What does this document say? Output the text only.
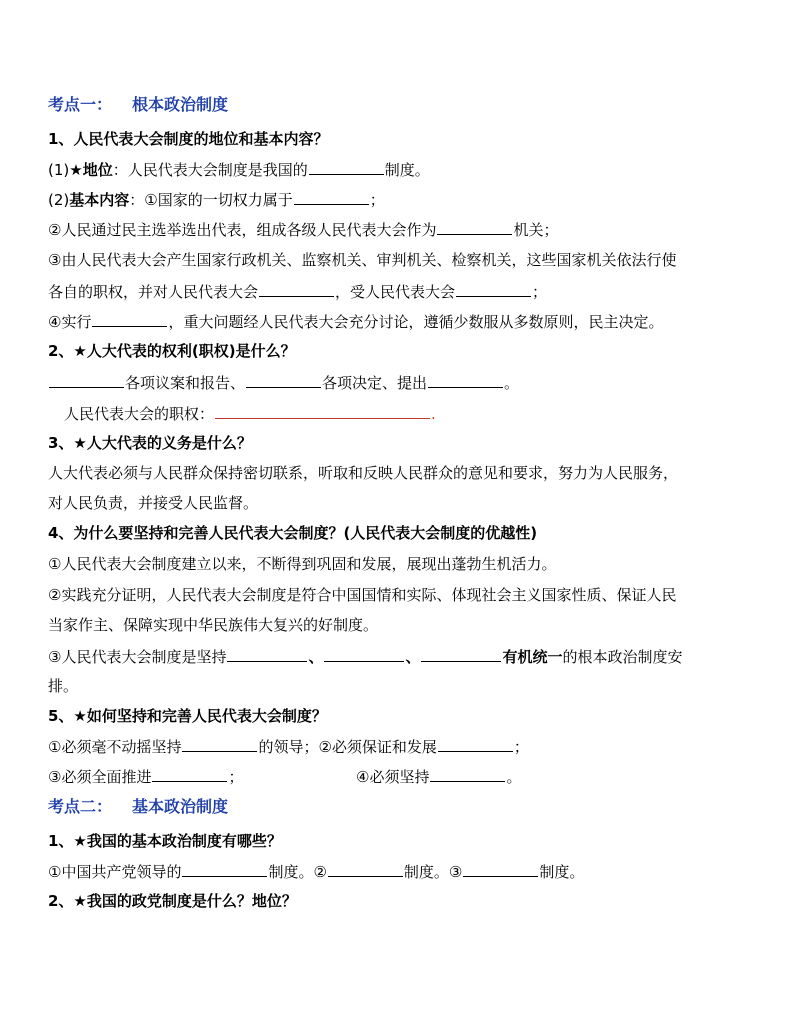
考点一： 根本政治制度
1、人民代表大会制度的地位和基本内容？
(1)★地位：人民代表大会制度是我国的	制度。
(2)基本内容：①国家的一切权力属于	；
②人民通过民主选举选出代表，组成各级人民代表大会作为	机关；
③由人民代表大会产生国家行政机关、监察机关、审判机关、检察机关，这些国家机关依法行使
各自的职权，并对人民代表大会	，受人民代表大会	；
④实行	，重大问题经人民代表大会充分讨论，遵循少数服从多数原则，民主决定。
2、★人大代表的权利(职权)是什么？
各项议案和报告、	各项决定、提出	。
人民代表大会的职权：	.
3、★人大代表的义务是什么？
人大代表必须与人民群众保持密切联系，听取和反映人民群众的意见和要求，努力为人民服务，
对人民负责，并接受人民监督。
4、为什么要坚持和完善人民代表大会制度？(人民代表大会制度的优越性)
①人民代表大会制度建立以来，不断得到巩固和发展，展现出蓬勃生机活力。
②实践充分证明，人民代表大会制度是符合中国国情和实际、体现社会主义国家性质、保证人民
当家作主、保障实现中华民族伟大复兴的好制度。
③人民代表大会制度是坚持	、	、	有机统一的根本政治制度安
排。
5、★如何坚持和完善人民代表大会制度？
①必须毫不动摇坚持	的领导；②必须保证和发展	；
③必须全面推进	；	④必须坚持	。
考点二： 基本政治制度
1、★我国的基本政治制度有哪些？
①中国共产党领导的	制度。②	制度。③	制度。
2、★我国的政党制度是什么？地位？
